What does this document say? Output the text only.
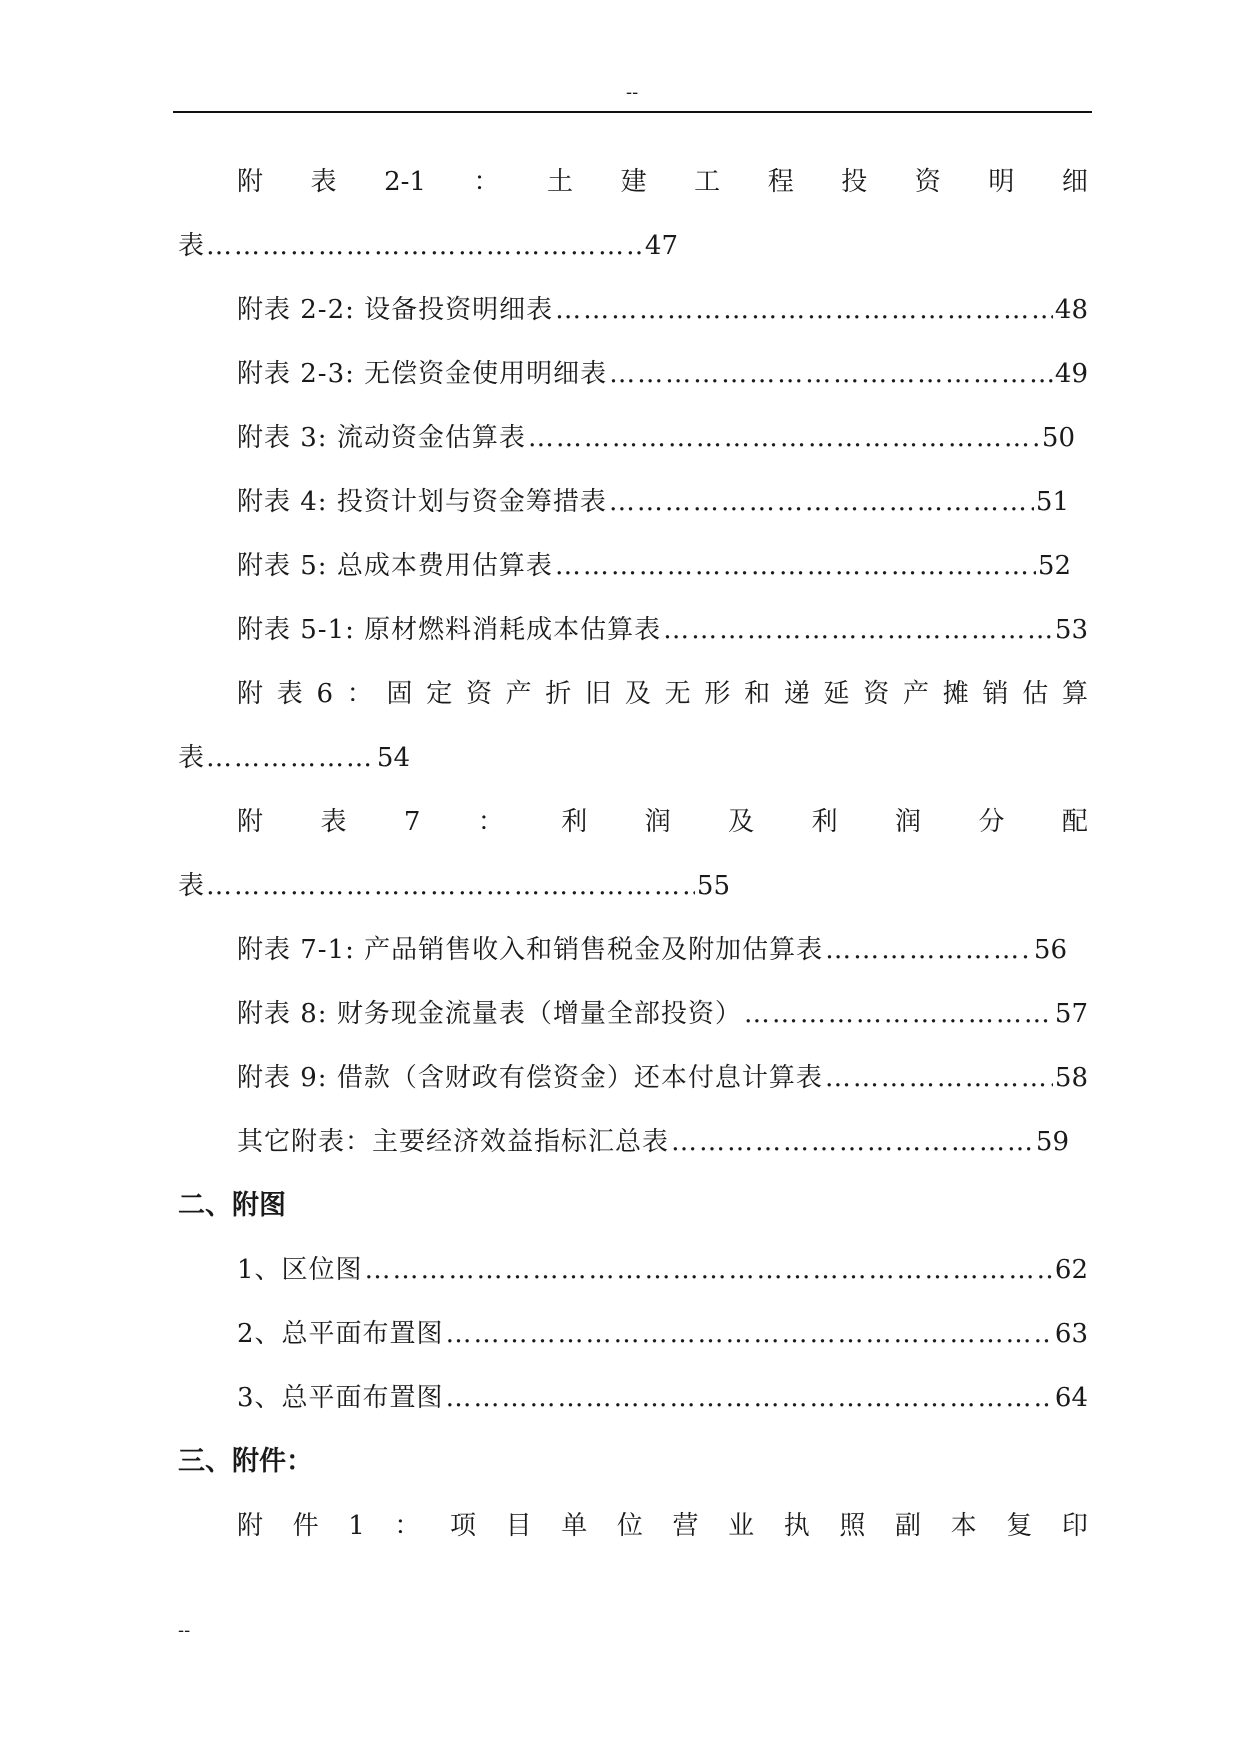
--
附 表 2-1 ： 土 建 工 程 投 资 明 细
表 ……………………………………………………………………………………………………………………………	47
附表 2-2: 设备投资明细表 ……………………………………………………………………………………………………………………………	48
附表 2-3: 无偿资金使用明细表 ……………………………………………………………………………………………………………………………	49
附表 3: 流动资金估算表 ……………………………………………………………………………………………………………………………	50
附表 4: 投资计划与资金筹措表 ……………………………………………………………………………………………………………………………	51
附表 5: 总成本费用估算表 ……………………………………………………………………………………………………………………………	52
附表 5-1: 原材燃料消耗成本估算表 ……………………………………………………………………………………………………………………………	53
附 表 6 ： 固 定 资 产 折 旧 及 无 形 和 递 延 资 产 摊 销 估 算
表 ……………………………………………………………………………………………………………………………	54
附 表 7 ： 利 润 及 利 润 分 配
表 ……………………………………………………………………………………………………………………………	55
附表 7-1: 产品销售收入和销售税金及附加估算表 ……………………………………………………………………………………………………………………………	56
附表 8: 财务现金流量表（增量全部投资） ……………………………………………………………………………………………………………………………	57
附表 9: 借款（含财政有偿资金）还本付息计算表 ……………………………………………………………………………………………………………………………	58
其它附表：主要经济效益指标汇总表 ……………………………………………………………………………………………………………………………	59
二、附图
1、区位图 ……………………………………………………………………………………………………………………………	62
2、总平面布置图 ……………………………………………………………………………………………………………………………	63
3、总平面布置图 ……………………………………………………………………………………………………………………………	64
三、附件：
附 件 1 ： 项 目 单 位 营 业 执 照 副 本 复 印
--
